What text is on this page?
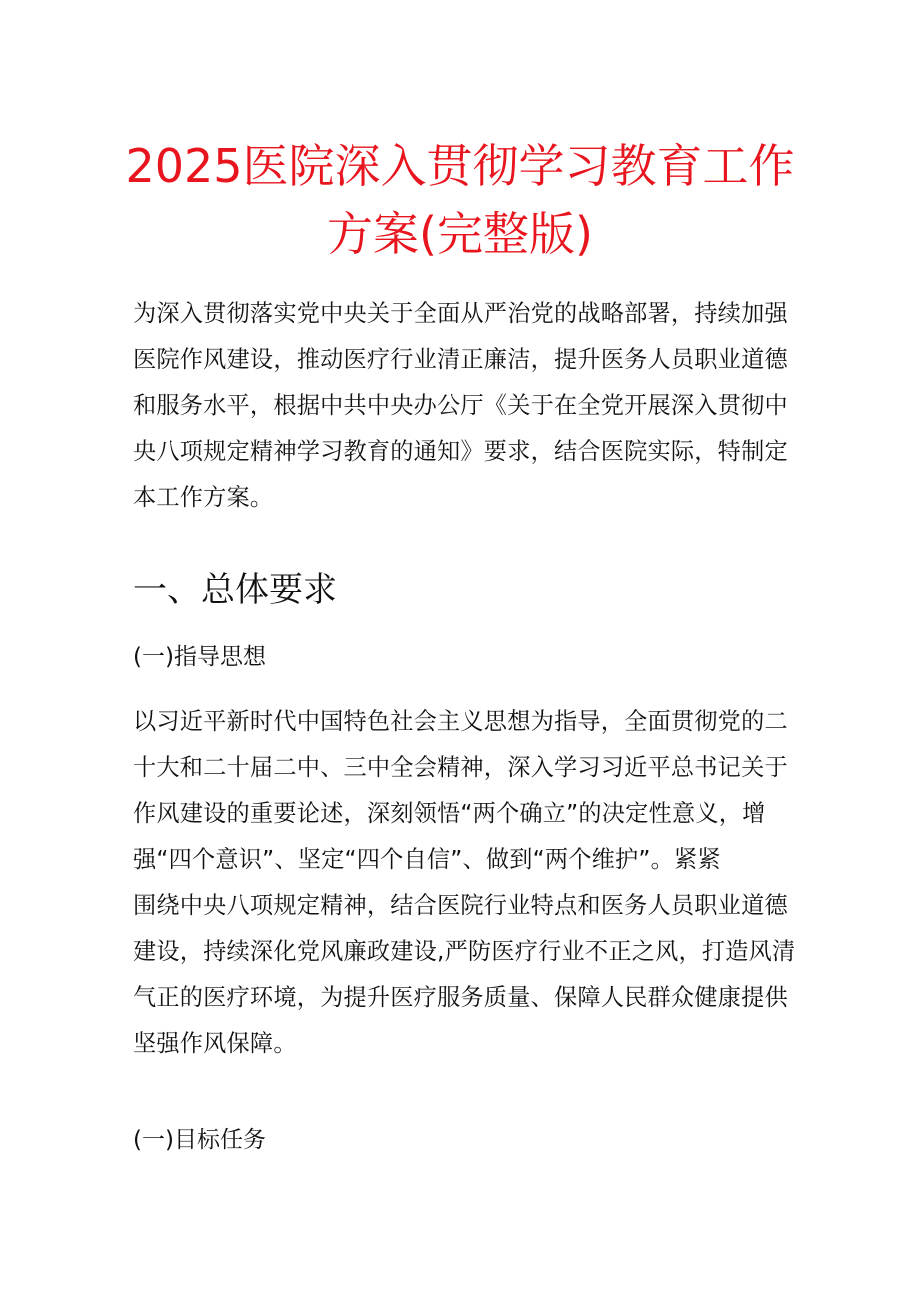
2025医院深入贯彻学习教育工作
方案(完整版)

为深入贯彻落实党中央关于全面从严治党的战略部署，持续加强
医院作风建设，推动医疗行业清正廉洁，提升医务人员职业道德
和服务水平，根据中共中央办公厅《关于在全党开展深入贯彻中
央八项规定精神学习教育的通知》要求，结合医院实际，特制定
本工作方案。

一、总体要求
(一)指导思想

以习近平新时代中国特色社会主义思想为指导，全面贯彻党的二
十大和二十届二中、三中全会精神，深入学习习近平总书记关于
作风建设的重要论述，深刻领悟“两个确立”的决定性意义，增
强“四个意识”、坚定“四个自信”、做到“两个维护”。紧紧
围绕中央八项规定精神，结合医院行业特点和医务人员职业道德
建设，持续深化党风廉政建设,严防医疗行业不正之风，打造风清
气正的医疗环境，为提升医疗服务质量、保障人民群众健康提供
坚强作风保障。

(一)目标任务
